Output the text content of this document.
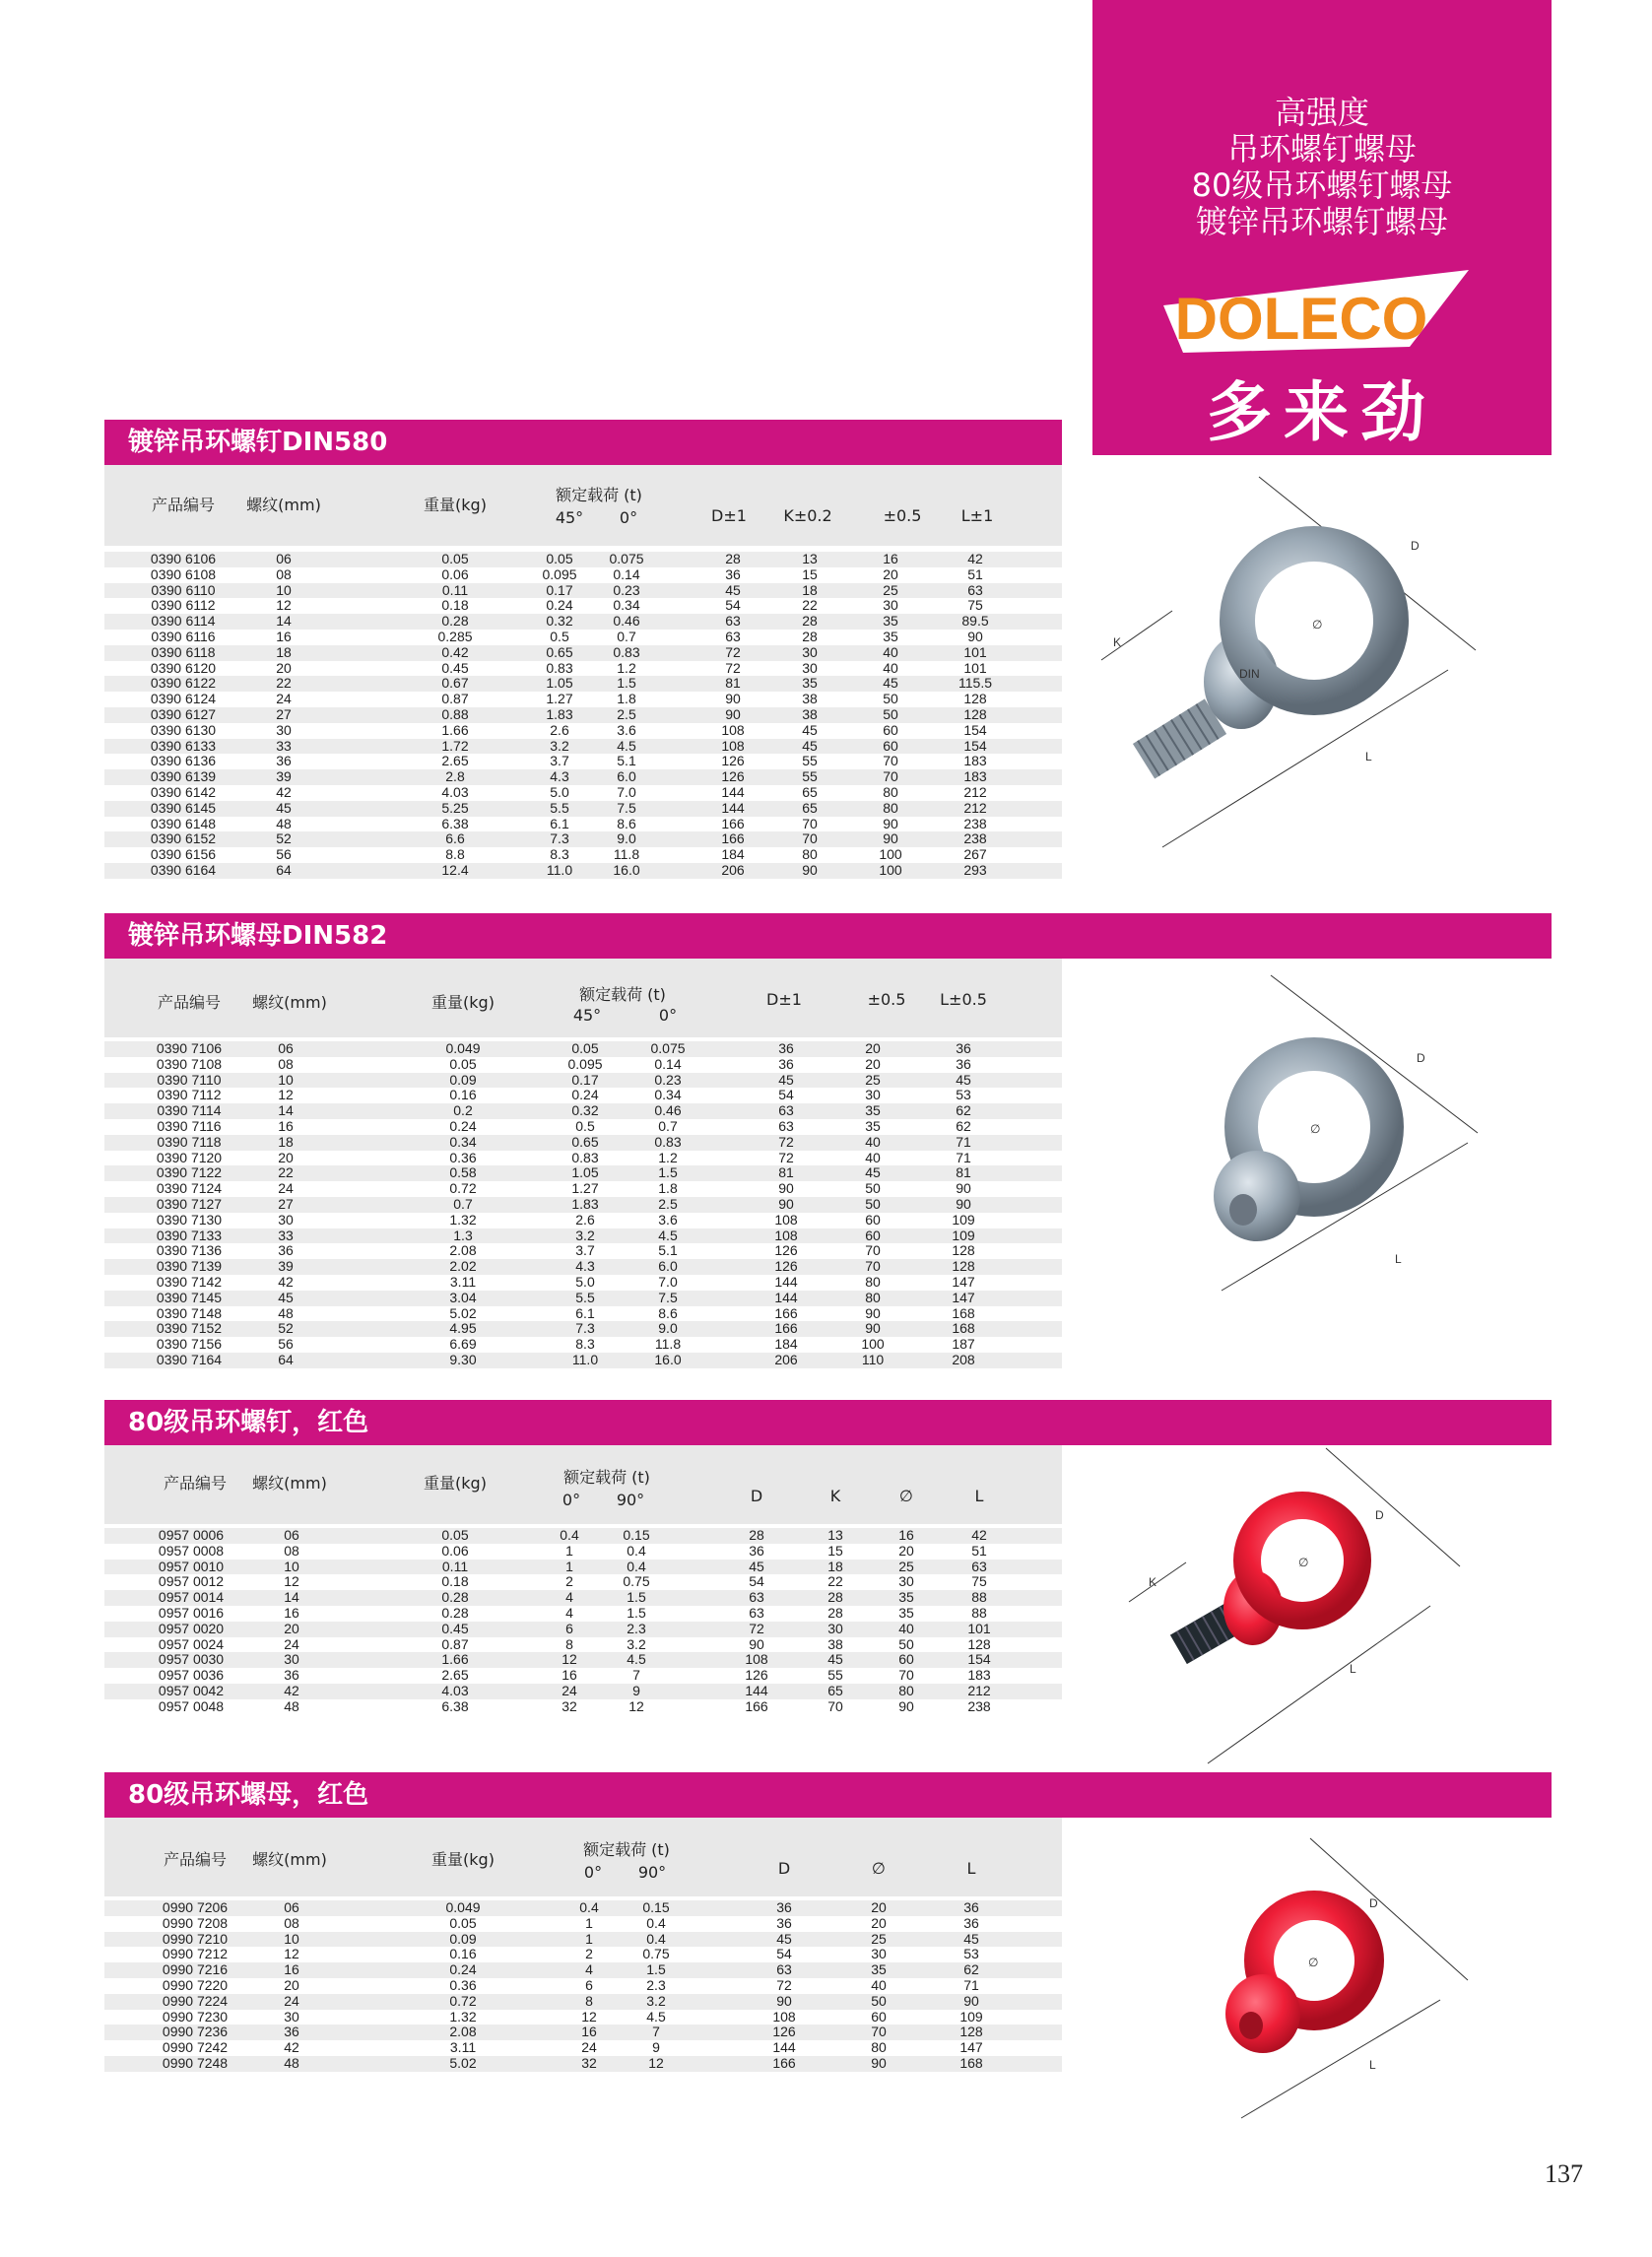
高强度
吊环螺钉螺母
80级吊环螺钉螺母
镀锌吊环螺钉螺母
DOLECO
多来劲
镀锌吊环螺钉DIN580
产品编号 螺纹(mm)	重量(kg)
额定载荷 (t)
45° 0°	D±1 K±0.2	±0.5	L±1
0390 6106	06	0.05	0.05	0.075	28	13	16	42
0390 6108	08	0.06	0.095	0.14	36	15	20	51
0390 6110	10	0.11	0.17	0.23	45	18	25	63
0390 6112	12	0.18	0.24	0.34	54	22	30	75
0390 6114	14	0.28	0.32	0.46	63	28	35	89.5
0390 6116	16	0.285	0.5	0.7	63	28	35	90
0390 6118	18	0.42	0.65	0.83	72	30	40	101
0390 6120	20	0.45	0.83	1.2	72	30	40	101
0390 6122	22	0.67	1.05	1.5	81	35	45	115.5
0390 6124	24	0.87	1.27	1.8	90	38	50	128
0390 6127	27	0.88	1.83	2.5	90	38	50	128
0390 6130	30	1.66	2.6	3.6	108	45	60	154
0390 6133	33	1.72	3.2	4.5	108	45	60	154
0390 6136	36	2.65	3.7	5.1	126	55	70	183
0390 6139	39	2.8	4.3	6.0	126	55	70	183
0390 6142	42	4.03	5.0	7.0	144	65	80	212
0390 6145	45	5.25	5.5	7.5	144	65	80	212
0390 6148	48	6.38	6.1	8.6	166	70	90	238
0390 6152	52	6.6	7.3	9.0	166	70	90	238
0390 6156	56	8.8	8.3	11.8	184	80	100	267
0390 6164	64	12.4	11.0	16.0	206	90	100	293
镀锌吊环螺母DIN582
产品编号 螺纹(mm)	重量(kg)	额定载荷 (t)
45°	0°
D±1	±0.5 L±0.5
0390 7106	06	0.049	0.05	0.075	36	20	36
0390 7108	08	0.05	0.095	0.14	36	20	36
0390 7110	10	0.09	0.17	0.23	45	25	45
0390 7112	12	0.16	0.24	0.34	54	30	53
0390 7114	14	0.2	0.32	0.46	63	35	62
0390 7116	16	0.24	0.5	0.7	63	35	62
0390 7118	18	0.34	0.65	0.83	72	40	71
0390 7120	20	0.36	0.83	1.2	72	40	71
0390 7122	22	0.58	1.05	1.5	81	45	81
0390 7124	24	0.72	1.27	1.8	90	50	90
0390 7127	27	0.7	1.83	2.5	90	50	90
0390 7130	30	1.32	2.6	3.6	108	60	109
0390 7133	33	1.3	3.2	4.5	108	60	109
0390 7136	36	2.08	3.7	5.1	126	70	128
0390 7139	39	2.02	4.3	6.0	126	70	128
0390 7142	42	3.11	5.0	7.0	144	80	147
0390 7145	45	3.04	5.5	7.5	144	80	147
0390 7148	48	5.02	6.1	8.6	166	90	168
0390 7152	52	4.95	7.3	9.0	166	90	168
0390 7156	56	6.69	8.3	11.8	184	100	187
0390 7164	64	9.30	11.0	16.0	206	110	208
80级吊环螺钉，红色
产品编号 螺纹(mm)	重量(kg)	额定载荷 (t)
0° 90°	D	K	∅	L
0957 0006	06	0.05	0.4	0.15	28	13	16	42
0957 0008	08	0.06	1	0.4	36	15	20	51
0957 0010	10	0.11	1	0.4	45	18	25	63
0957 0012	12	0.18	2	0.75	54	22	30	75
0957 0014	14	0.28	4	1.5	63	28	35	88
0957 0016	16	0.28	4	1.5	63	28	35	88
0957 0020	20	0.45	6	2.3	72	30	40	101
0957 0024	24	0.87	8	3.2	90	38	50	128
0957 0030	30	1.66	12	4.5	108	45	60	154
0957 0036	36	2.65	16	7	126	55	70	183
0957 0042	42	4.03	24	9	144	65	80	212
0957 0048	48	6.38	32	12	166	70	90	238
80级吊环螺母，红色
产品编号 螺纹(mm)	重量(kg)
额定载荷 (t)
0° 90°	D	∅	L
0990 7206	06	0.049	0.4	0.15	36	20	36
0990 7208	08	0.05	1	0.4	36	20	36
0990 7210	10	0.09	1	0.4	45	25	45
0990 7212	12	0.16	2	0.75	54	30	53
0990 7216	16	0.24	4	1.5	63	35	62
0990 7220	20	0.36	6	2.3	72	40	71
0990 7224	24	0.72	8	3.2	90	50	90
0990 7230	30	1.32	12	4.5	108	60	109
0990 7236	36	2.08	16	7	126	70	128
0990 7242	42	3.11	24	9	144	80	147
0990 7248	48	5.02	32	12	166	90	168
D
K
L
∅
DIN
D
L
∅
D
K
L
∅
D
L
∅
137
